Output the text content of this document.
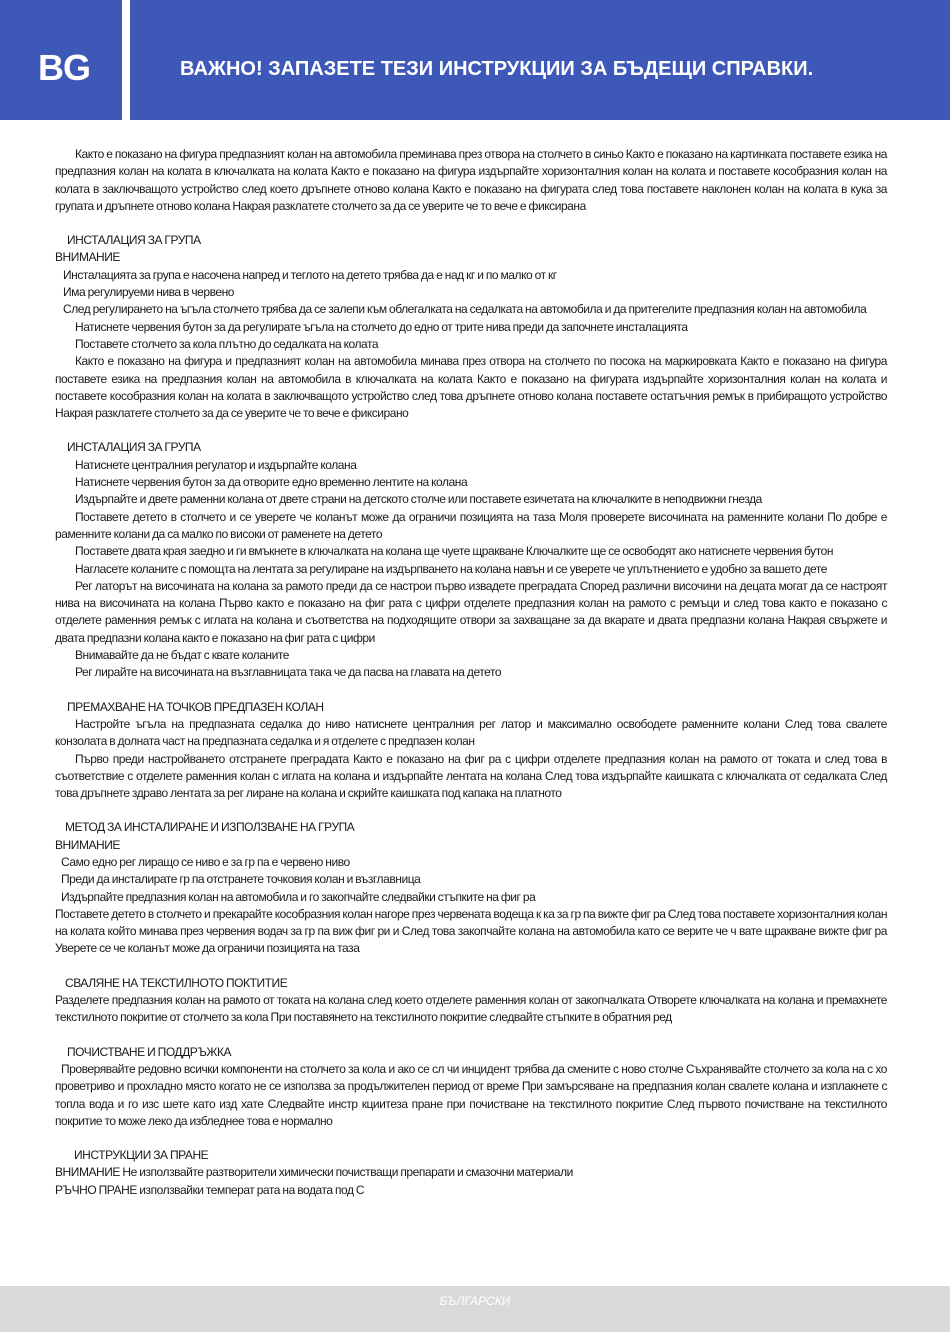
BG	ВАЖНО! ЗАПАЗЕТЕ ТЕЗИ ИНСТРУКЦИИ ЗА БЪДЕЩИ СПРАВКИ.

Както е показано на фигура предпазният колан на автомобила преминава през отвора на столчето в синьо Както е показано на картинката поставете езика на предпазния колан на колата в ключалката на колата Както е показано на фигура издърпайте хоризонталния колан на колата и поставете кособразния колан на колата в заключващото устройство след което дръпнете отново колана Както е показано на фигурата след това поставете наклонен колан на колата в кука за групата и дръпнете отново колана Накрая разклатете столчето за да се уверите че то вече е фиксирана

ИНСТАЛАЦИЯ ЗА ГРУПА

ВНИМАНИЕ

Инсталацията за група е насочена напред и теглото на детето трябва да е над кг и по малко от кг

Има регулируеми нива в червено

След регулирането на ъгъла столчето трябва да се залепи към облегалката на седалката на автомобила и да притегелите предпазния колан на автомобила

Натиснете червения бутон за да регулирате ъгъла на столчето до едно от трите нива преди да започнете инсталацията

Поставете столчето за кола плътно до седалката на колата

Както е показано на фигура и предпазният колан на автомобила минава през отвора на столчето по посока на маркировката Както е показано на фигура поставете езика на предпазния колан на автомобила в ключалката на колата Както е показано на фигурата издърпайте хоризонталния колан на колата и поставете кособразния колан на колата в заключващото устройство след това дръпнете отново колана поставете остатъчния ремък в прибиращото устройство Накрая разклатете столчето за да се уверите че то вече е фиксирано

ИНСТАЛАЦИЯ ЗА ГРУПА

Натиснете централния регулатор и издърпайте колана

Натиснете червения бутон за да отворите едно временно лентите на колана

Издърпайте и двете раменни колана от двете страни на детското столче или поставете езичетата на ключалките в неподвижни гнезда

Поставете детето в столчето и се уверете че коланът може да ограничи позицията на таза Моля проверете височината на раменните колани По добре е раменните колани да са малко по високи от раменете на детето

Поставете двата края заедно и ги вмъкнете в ключалката на колана ще чуете щракване Ключалките ще се освободят ако натиснете червения бутон

Нагласете коланите с помощта на лентата за регулиране на издърпването на колана навън и се уверете че уплътнението е удобно за вашето дете

Рег латорът на височината на колана за рамото преди да се настрои първо извадете преградата Според различни височини на децата могат да се настроят нива на височината на колана Първо както е показано на фиг рата с цифри отделете предпазния колан на рамото с ремъци и след това както е показано с отделете раменния ремък с иглата на колана и съответства на подходящите отвори за захващане за да вкарате и двата предпазни колана Накрая свържете и двата предпазни колана както е показано на фиг рата с цифри

Внимавайте да не бъдат с квате коланите

Рег лирайте на височината на възглавницата така че да пасва на главата на детето

ПРЕМАХВАНЕ НА ТОЧКОВ ПРЕДПАЗЕН КОЛАН

Настройте ъгъла на предпазната седалка до ниво натиснете централния рег латор и максимално освободете раменните колани След това свалете конзолата в долната част на предпазната седалка и я отделете с предпазен колан

Първо преди настройването отстранете преградата Както е показано на фиг ра с цифри отделете предпазния колан на рамото от токата и след това в съответствие с отделете раменния колан с иглата на колана и издърпайте лентата на колана След това издърпайте каишката с ключалката от седалката След това дръпнете здраво лентата за рег лиране на колана и скрийте каишката под капака на платното

МЕТОД ЗА ИНСТАЛИРАНЕ И ИЗПОЛЗВАНЕ НА ГРУПА

ВНИМАНИЕ

Само едно рег лиращо се ниво е за гр па е червено ниво

Преди да инсталирате гр па отстранете точковия колан и възглавница

Издърпайте предпазния колан на автомобила и го закопчайте следвайки стъпките на фиг ра

Поставете детето в столчето и прекарайте кособразния колан нагоре през червената водеща к ка за гр па вижте фиг ра След това поставете хоризонталния колан на колата който минава през червения водач за гр па виж фиг ри и След това закопчайте колана на автомобила като се верите че ч вате щракване вижте фиг ра Уверете се че коланът може да ограничи позицията на таза

СВАЛЯНЕ НА ТЕКСТИЛНОТО ПОКТИТИЕ

Разделете предпазния колан на рамото от токата на колана след което отделете раменния колан от закопчалката Отворете ключалката на колана и премахнете текстилното покритие от столчето за кола При поставянето на текстилното покритие следвайте стъпките в обратния ред

ПОЧИСТВАНЕ И ПОДДРЪЖКА

Проверявайте редовно всички компоненти на столчето за кола и ако се сл чи инцидент трябва да смените с ново столче Съхранявайте столчето за кола на с хо проветриво и прохладно място когато не се използва за продължителен период от време При замърсяване на предпазния колан свалете колана и изплакнете с топла вода и го изс шете като изд хате Следвайте инстр кциитеза пране при почистване на текстилното покритие След първото почистване на текстилното покритие то може леко да избледнее това е нормално

ИНСТРУКЦИИ ЗА ПРАНЕ

ВНИМАНИЕ Не използвайте разтворители химически почистващи препарати и смазочни материали

РЪЧНО ПРАНЕ използвайки температ рата на водата под С

БЪЛГАРСКИ
